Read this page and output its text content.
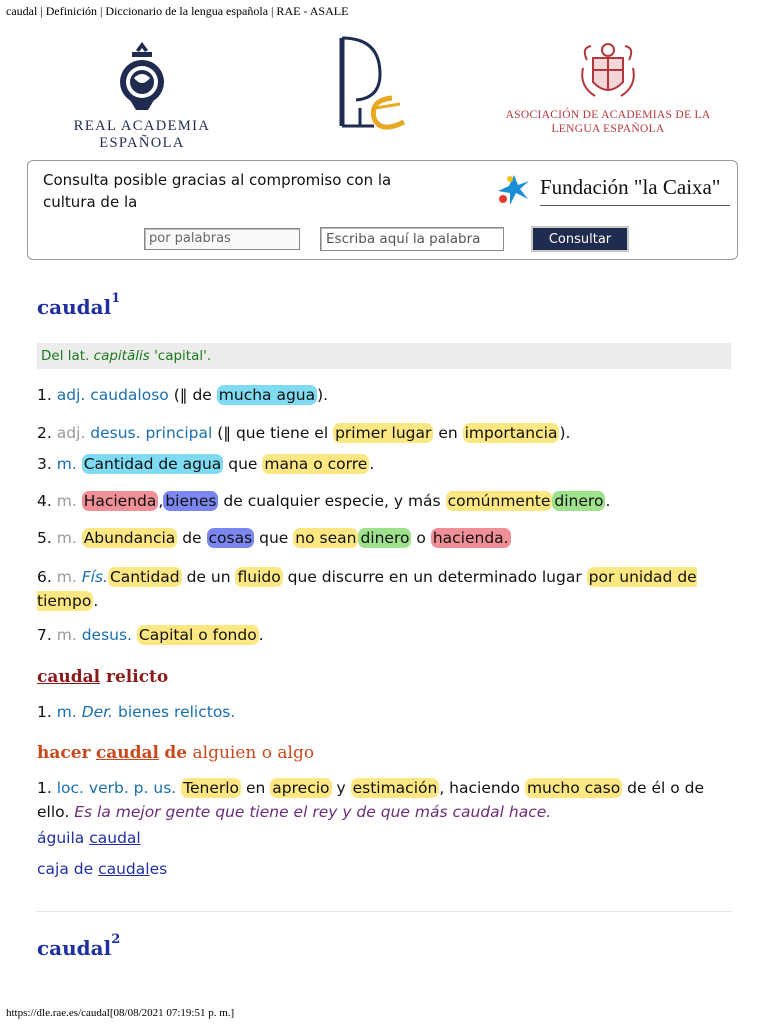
caudal | Definición | Diccionario de la lengua española | RAE - ASALE
REAL ACADEMIA ESPAÑOLA
ASOCIACIÓN DE ACADEMIAS DE LA
LENGUA ESPAÑOLA
Consulta posible gracias al compromiso con la cultura de la
Fundación "la Caixa"
por palabras
Escriba aquí la palabra	Consultar
caudal$^1$
Del lat. capitālis 'capital'.
1. adj. caudaloso (‖ de mucha agua ).
2. adj. desus. principal (‖ que tiene el primer lugar en importancia ).
3. m. Cantidad de agua que mana o corre .
4. m. Hacienda , bienes de cualquier especie, y más comúnmente dinero .
5. m. Abundancia de cosas que no sean dinero o hacienda.
6. m. Fís. Cantidad de un fluido que discurre en un determinado lugar por unidad de tiempo .
7. m. desus. Capital o fondo .
caudal relicto
1. m. Der. bienes relictos.
hacer caudal de alguien o algo
1. loc. verb. p. us. Tenerlo en aprecio y estimación , haciendo mucho caso de él o de ello. Es la mejor gente que tiene el rey y de que más caudal hace.
águila caudal
caja de caudales
caudal$^2$
https://dle.rae.es/caudal[08/08/2021 07:19:51 p. m.]
